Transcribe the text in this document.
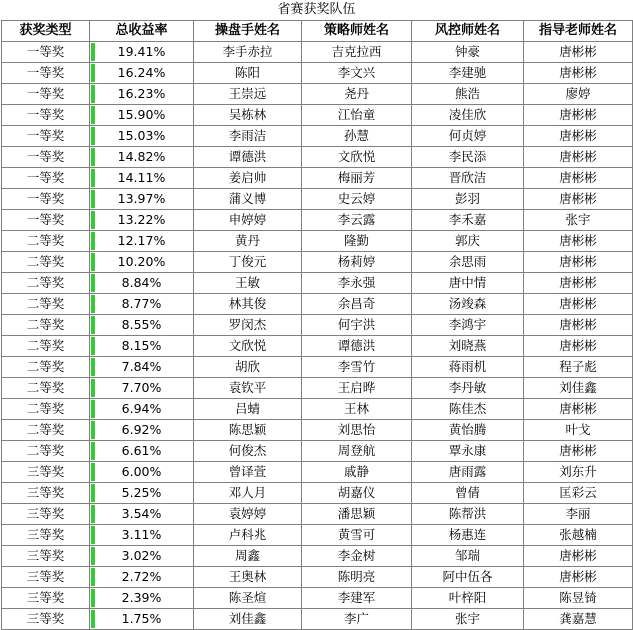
省赛获奖队伍
获奖类型	总收益率	操盘手姓名	策略师姓名	风控师姓名	指导老师姓名
一等奖	19.41%	李手赤拉	吉克拉西	钟豪	唐彬彬
一等奖	16.24%	陈阳	李文兴	李建驰	唐彬彬
一等奖	16.23%	王崇远	尧丹	熊浩	廖婷
一等奖	15.90%	吴栋林	江怡童	凌佳欣	唐彬彬
一等奖	15.03%	李雨洁	孙慧	何贞婷	唐彬彬
一等奖	14.82%	谭德洪	文欣悦	李民添	唐彬彬
一等奖	14.11%	姜启帅	梅丽芳	晋欣洁	唐彬彬
一等奖	13.97%	蒲义博	史云婷	彭羽	唐彬彬
一等奖	13.22%	申婷婷	李云露	李禾嘉	张宇
二等奖	12.17%	黄丹	隆勤	郭庆	唐彬彬
二等奖	10.20%	丁俊元	杨莉婷	余思雨	唐彬彬
二等奖	8.84%	王敏	李永强	唐中情	唐彬彬
二等奖	8.77%	林其俊	余昌奇	汤竣森	唐彬彬
二等奖	8.55%	罗闵杰	何宇洪	李鸿宇	唐彬彬
二等奖	8.15%	文欣悦	谭德洪	刘晓燕	唐彬彬
二等奖	7.84%	胡欣	李雪竹	蒋雨机	程子彪
二等奖	7.70%	袁钦平	王启晔	李丹敏	刘佳鑫
二等奖	6.94%	吕蜻	王林	陈佳杰	唐彬彬
二等奖	6.92%	陈思颖	刘思怡	黄怡腾	叶戈
二等奖	6.61%	何俊杰	周登航	覃永康	唐彬彬
三等奖	6.00%	曾译萱	戚静	唐雨露	刘东升
三等奖	5.25%	邓人月	胡嘉仪	曾倩	匡彩云
三等奖	3.54%	袁婷婷	潘思颖	陈帮洪	李丽
三等奖	3.11%	卢科兆	黄雪可	杨惠连	张越楠
三等奖	3.02%	周鑫	李金树	邹瑞	唐彬彬
三等奖	2.72%	王奥林	陈明亮	阿中伍各	唐彬彬
三等奖	2.39%	陈圣煊	李建军	叶梓阳	陈昱锜
三等奖	1.75%	刘佳鑫	李广	张宇	龚嘉慧
